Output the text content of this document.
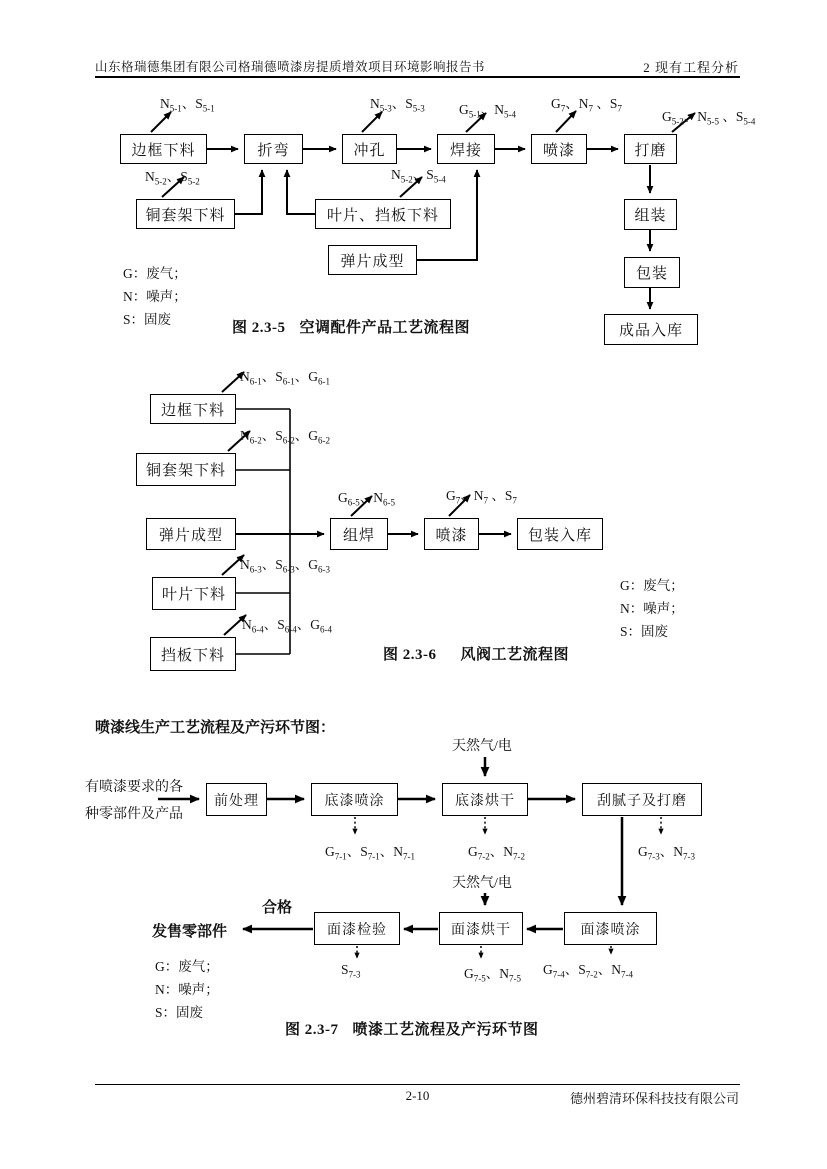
山东格瑞德集团有限公司格瑞德喷漆房提质增效项目环境影响报告书	2 现有工程分析
边框下料	折弯	冲孔	焊接	喷漆	打磨
铜套架下料	叶片、挡板下料
弹片成型
组装
包装
成品入库
$N_{5-1}$、$S_{5-1}$	$N_{5-3}$、$S_{5-3}$	$G_{5-1}$、$N_{5-4}$
$G_7$、$N_7$ 、$S_7$
$G_{5-2}$、$N_{5-5}$ 、$S_{5-4}$
$N_{5-2}$、$S_{5-2}$	$N_{5-2}$、$S_{5-4}$
G：废气；
N：噪声；
S：固废
图 2.3-5 空调配件产品工艺流程图
边框下料
铜套架下料
弹片成型
叶片下料
挡板下料
组焊	喷漆	包装入库
$N_{6-1}$、$S_{6-1}$、$G_{6-1}$
$N_{6-2}$、$S_{6-2}$、$G_{6-2}$
$G_{6-5}$、$N_{6-5}$	$G_7$、$N_7$ 、$S_7$
$N_{6-3}$、$S_{6-3}$、$G_{6-3}$
$N_{6-4}$、$S_{6-4}$、$G_{6-4}$
G：废气；
N：噪声；
S：固废
图 2.3-6 风阀工艺流程图
喷漆线生产工艺流程及产污环节图：
有喷漆要求的各
种零部件及产品
天然气/电
天然气/电
前处理	底漆喷涂	底漆烘干	刮腻子及打磨
面漆检验	面漆烘干	面漆喷涂
合格
发售零部件
$G_{7-1}$、$S_{7-1}$、$N_{7-1}$	$G_{7-2}$、$N_{7-2}$	$G_{7-3}$、$N_{7-3}$
$S_{7-3}$	$G_{7-5}$、$N_{7-5}$
$G_{7-4}$、$S_{7-2}$、$N_{7-4}$
G：废气；
N：噪声；
S：固废
图 2.3-7 喷漆工艺流程及产污环节图
2-10	德州碧清环保科技技有限公司
